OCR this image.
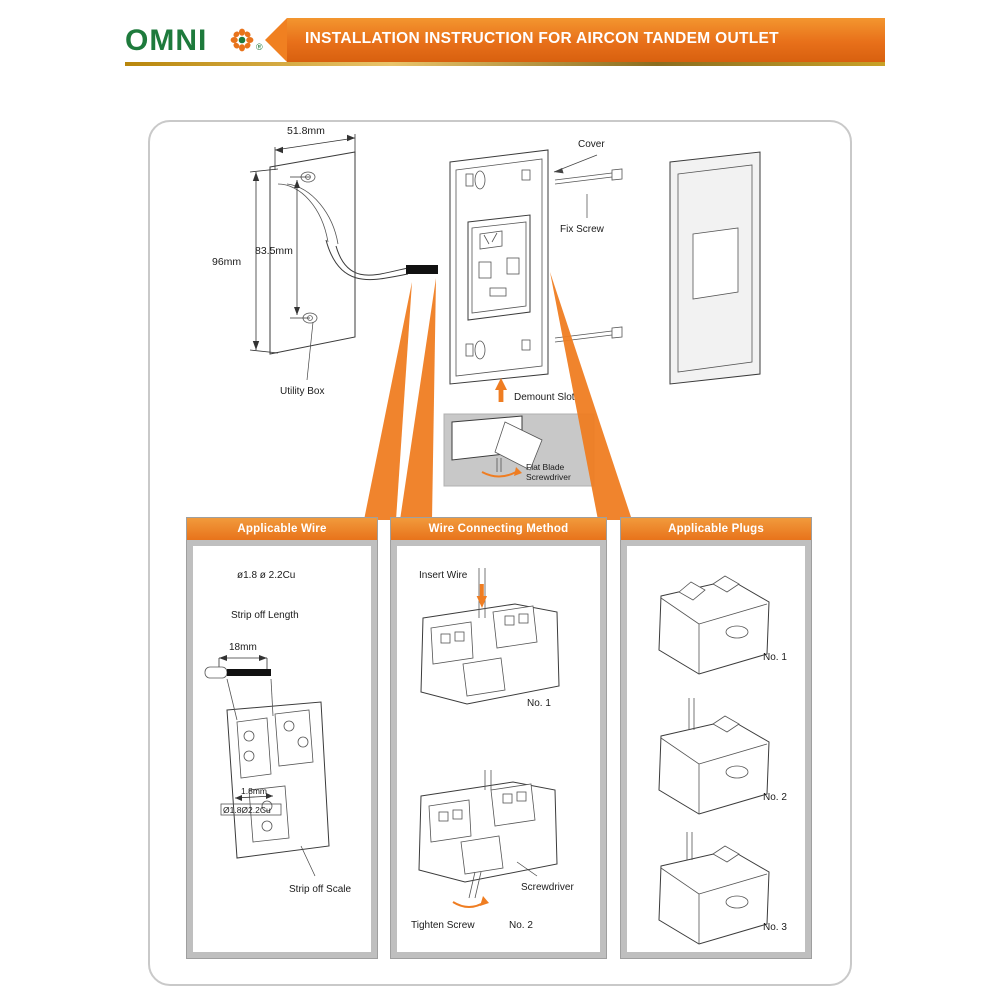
OMNI	®	INSTALLATION INSTRUCTION FOR AIRCON TANDEM OUTLET
51.8mm
96mm
83.5mm
Utility Box
Cover
Fix Screw
Demount Slot
Flat Blade
Screwdriver
Applicable Wire
ø1.8 ø 2.2Cu
Strip off Length
18mm
1.8mm
Ø1.8Ø2.2Cu
Strip off Scale
Wire Connecting Method
Insert Wire
No. 1
Screwdriver
Tighten Screw	No. 2
Applicable Plugs
No. 1
No. 2
No. 3
